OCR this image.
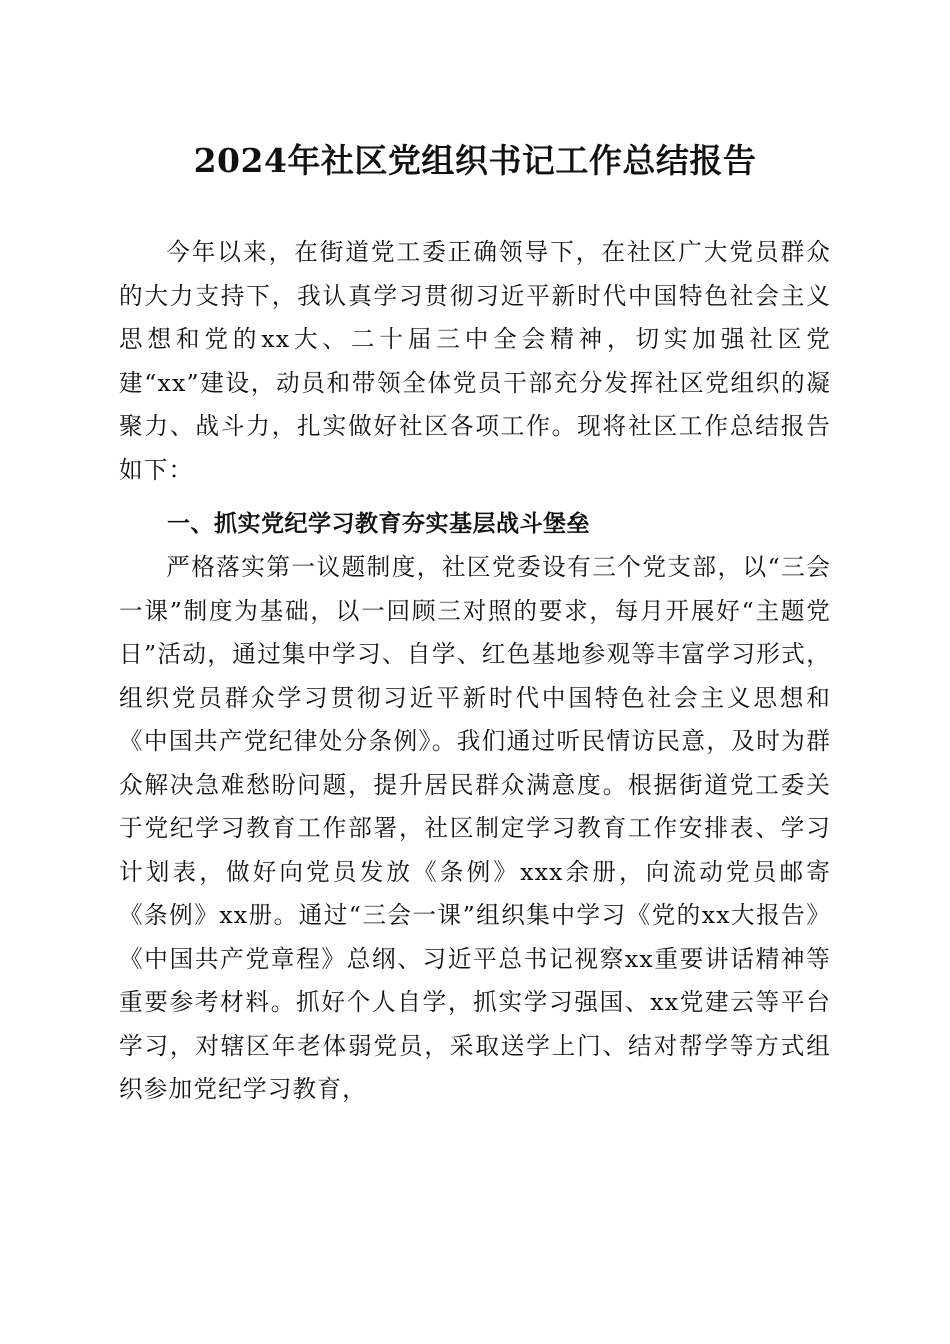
2024年社区党组织书记工作总结报告

今年以来，在街道党工委正确领导下，在社区广大党员群众的大力支持下，我认真学习贯彻习近平新时代中国特色社会主义思想和党的xx大、二十届三中全会精神，切实加强社区党建“xx”建设，动员和带领全体党员干部充分发挥社区党组织的凝聚力、战斗力，扎实做好社区各项工作。现将社区工作总结报告如下：

一、抓实党纪学习教育夯实基层战斗堡垒

严格落实第一议题制度，社区党委设有三个党支部，以“三会一课”制度为基础，以一回顾三对照的要求，每月开展好“主题党日”活动，通过集中学习、自学、红色基地参观等丰富学习形式，组织党员群众学习贯彻习近平新时代中国特色社会主义思想和《中国共产党纪律处分条例》。我们通过听民情访民意，及时为群众解决急难愁盼问题，提升居民群众满意度。根据街道党工委关于党纪学习教育工作部署，社区制定学习教育工作安排表、学习计划表，做好向党员发放《条例》xxx余册，向流动党员邮寄《条例》xx册。通过“三会一课”组织集中学习《党的xx大报告》《中国共产党章程》总纲、习近平总书记视察xx重要讲话精神等重要参考材料。抓好个人自学，抓实学习强国、xx党建云等平台学习，对辖区年老体弱党员，采取送学上门、结对帮学等方式组织参加党纪学习教育，
